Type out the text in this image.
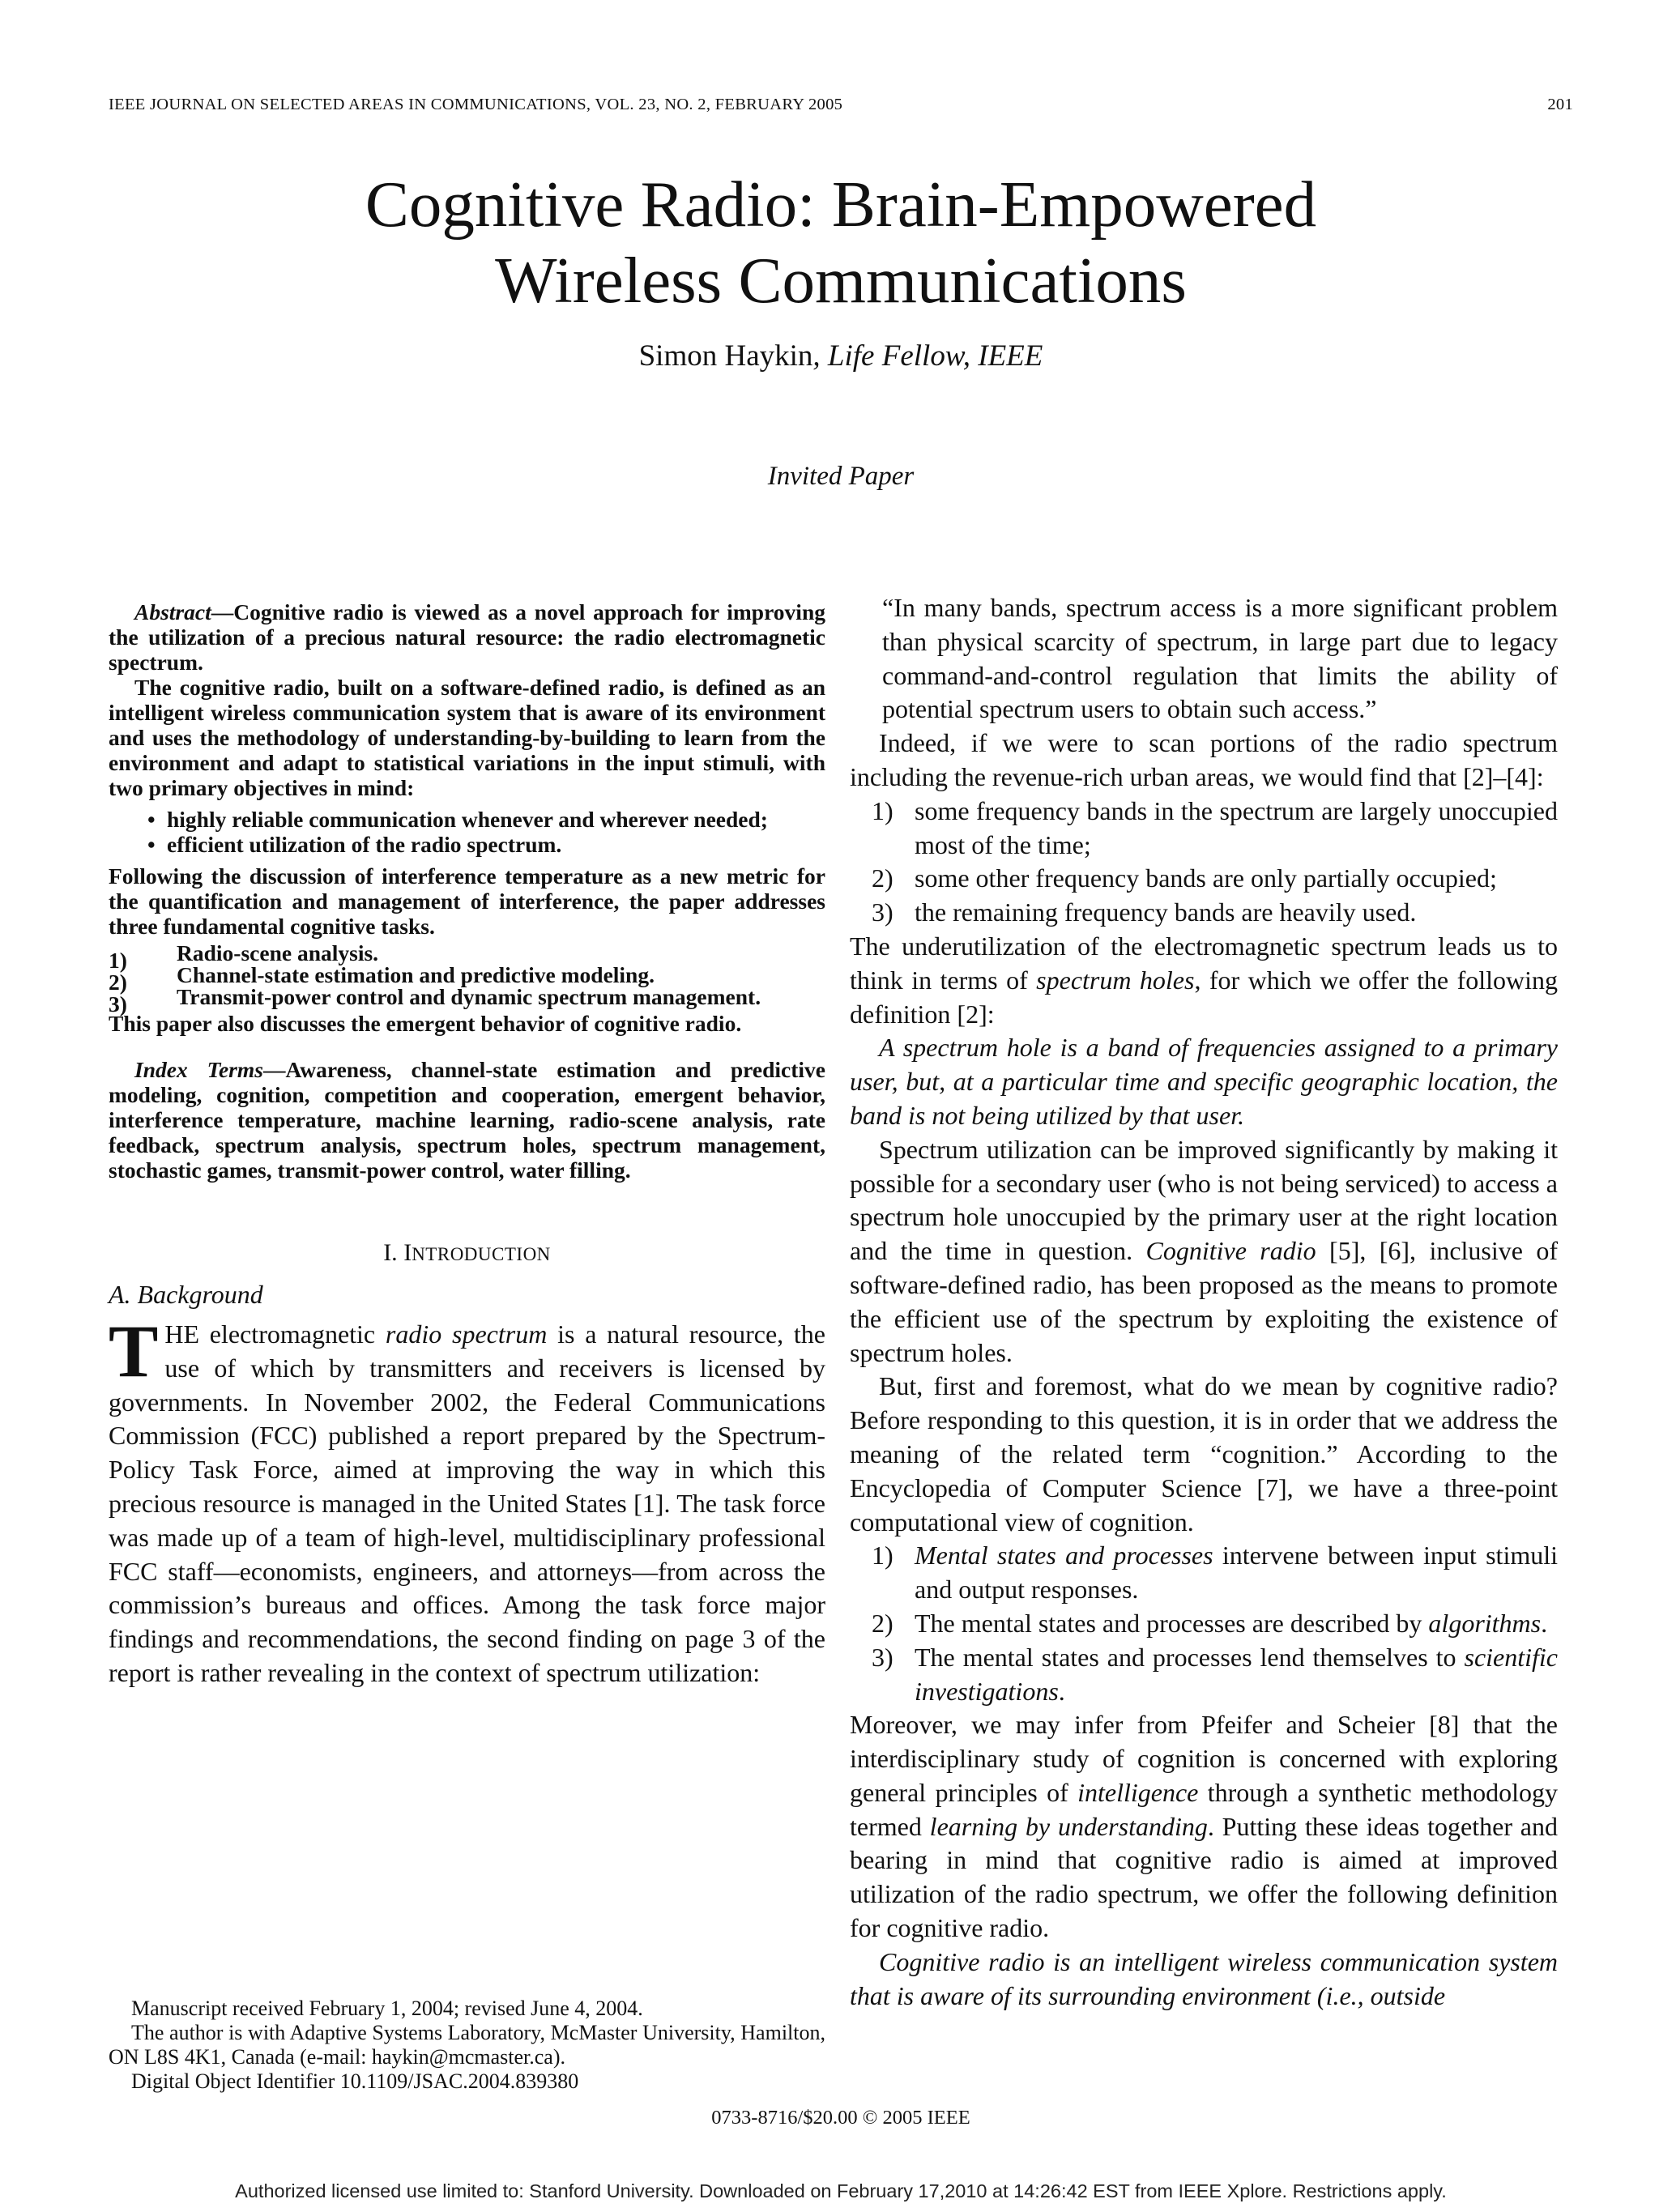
IEEE JOURNAL ON SELECTED AREAS IN COMMUNICATIONS, VOL. 23, NO. 2, FEBRUARY 2005	201
Cognitive Radio: Brain-Empowered
Wireless Communications
Simon Haykin, Life Fellow, IEEE
Invited Paper

Abstract—Cognitive radio is viewed as a novel approach for improving the utilization of a precious natural resource: the radio electromagnetic spectrum.

The cognitive radio, built on a software-defined radio, is defined as an intelligent wireless communication system that is aware of its environment and uses the methodology of understanding-by-building to learn from the environment and adapt to statistical variations in the input stimuli, with two primary objectives in mind:

• highly reliable communication whenever and wherever needed;
• efficient utilization of the radio spectrum.

Following the discussion of interference temperature as a new metric for the quantification and management of interference, the paper addresses three fundamental cognitive tasks.

1) Radio-scene analysis.
2) Channel-state estimation and predictive modeling.
3) Transmit-power control and dynamic spectrum management.

This paper also discusses the emergent behavior of cognitive radio.

Index Terms—Awareness, channel-state estimation and predictive modeling, cognition, competition and cooperation, emergent behavior, interference temperature, machine learning, radio-scene analysis, rate feedback, spectrum analysis, spectrum holes, spectrum management, stochastic games, transmit-power control, water filling.

I. INTRODUCTION
A. Background

THE electromagnetic radio spectrum is a natural resource, the use of which by transmitters and receivers is licensed by governments. In November 2002, the Federal Communications Commission (FCC) published a report prepared by the Spectrum-Policy Task Force, aimed at improving the way in which this precious resource is managed in the United States [1]. The task force was made up of a team of high-level, multidisciplinary professional FCC staff—economists, engineers, and attorneys—from across the commission’s bureaus and offices. Among the task force major findings and recommendations, the second finding on page 3 of the report is rather revealing in the context of spectrum utilization:

Manuscript received February 1, 2004; revised June 4, 2004.

The author is with Adaptive Systems Laboratory, McMaster University, Hamilton, ON L8S 4K1, Canada (e-mail: haykin@mcmaster.ca).

Digital Object Identifier 10.1109/JSAC.2004.839380

“In many bands, spectrum access is a more significant problem than physical scarcity of spectrum, in large part due to legacy command-and-control regulation that limits the ability of potential spectrum users to obtain such access.”

Indeed, if we were to scan portions of the radio spectrum including the revenue-rich urban areas, we would find that [2]–[4]:

1) some frequency bands in the spectrum are largely unoccupied most of the time;
2) some other frequency bands are only partially occupied;
3) the remaining frequency bands are heavily used.

The underutilization of the electromagnetic spectrum leads us to think in terms of spectrum holes, for which we offer the following definition [2]:

A spectrum hole is a band of frequencies assigned to a primary user, but, at a particular time and specific geographic location, the band is not being utilized by that user.

Spectrum utilization can be improved significantly by making it possible for a secondary user (who is not being serviced) to access a spectrum hole unoccupied by the primary user at the right location and the time in question. Cognitive radio [5], [6], inclusive of software-defined radio, has been proposed as the means to promote the efficient use of the spectrum by exploiting the existence of spectrum holes.

But, first and foremost, what do we mean by cognitive radio? Before responding to this question, it is in order that we address the meaning of the related term “cognition.” According to the Encyclopedia of Computer Science [7], we have a three-point computational view of cognition.

1) Mental states and processes intervene between input stimuli and output responses.
2) The mental states and processes are described by algorithms.
3) The mental states and processes lend themselves to scientific investigations.

Moreover, we may infer from Pfeifer and Scheier [8] that the interdisciplinary study of cognition is concerned with exploring general principles of intelligence through a synthetic methodology termed learning by understanding. Putting these ideas together and bearing in mind that cognitive radio is aimed at improved utilization of the radio spectrum, we offer the following definition for cognitive radio.

Cognitive radio is an intelligent wireless communication system that is aware of its surrounding environment (i.e., outside

0733-8716/$20.00 © 2005 IEEE
Authorized licensed use limited to: Stanford University. Downloaded on February 17,2010 at 14:26:42 EST from IEEE Xplore. Restrictions apply.
